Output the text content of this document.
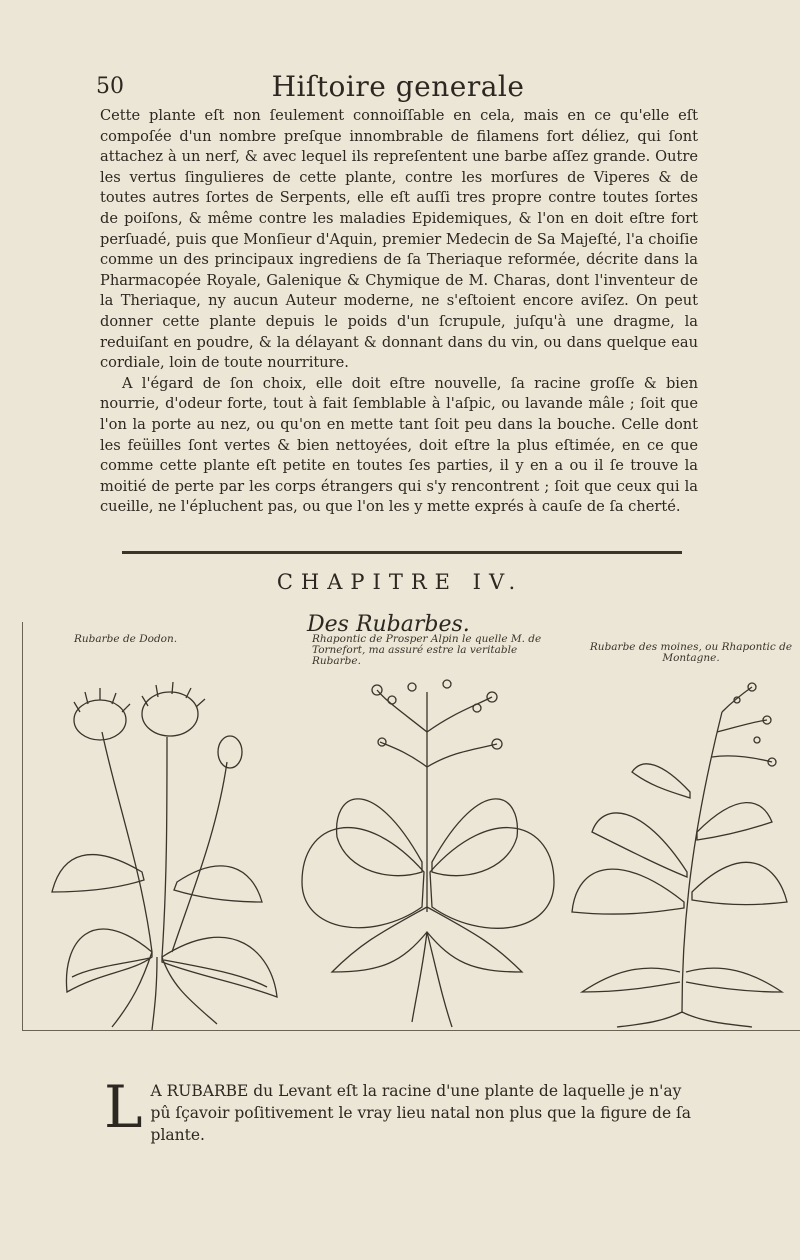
50	Hiſtoire generale

Cette plante eſt non ſeulement connoiſſable en cela, mais en ce qu'elle eſt compoſée d'un nombre preſque innombrable de filamens fort déliez, qui ſont attachez à un nerf, & avec lequel ils repreſentent une barbe aſſez grande. Outre les vertus ſingulieres de cette plante, contre les morſures de Viperes & de toutes autres ſortes de Serpents, elle eſt auſſi tres propre contre toutes ſortes de poiſons, & même contre les maladies Epidemiques, & l'on en doit eſtre fort perſuadé, puis que Monſieur d'Aquin, premier Medecin de Sa Majeſté, l'a choiſie comme un des principaux ingrediens de ſa Theriaque reformée, décrite dans la Pharmacopée Royale, Galenique & Chymique de M. Charas, dont l'inventeur de la Theriaque, ny aucun Auteur moderne, ne s'eſtoient encore aviſez. On peut donner cette plante depuis le poids d'un ſcrupule, juſqu'à une dragme, la reduiſant en poudre, & la délayant & donnant dans du vin, ou dans quelque eau cordiale, loin de toute nourriture.

A l'égard de ſon choix, elle doit eſtre nouvelle, ſa racine groſſe & bien nourrie, d'odeur forte, tout à fait ſemblable à l'aſpic, ou lavande mâle ; ſoit que l'on la porte au nez, ou qu'on en mette tant ſoit peu dans la bouche. Celle dont les feüilles ſont vertes & bien nettoyées, doit eſtre la plus eſtimée, en ce que comme cette plante eſt petite en toutes ſes parties, il y en a ou il ſe trouve la moitié de perte par les corps étrangers qui s'y rencontrent ; ſoit que ceux qui la cueille, ne l'épluchent pas, ou que l'on les y mette exprés à cauſe de ſa cherté.

CHAPITRE IV.
Des Rubarbes.
Rubarbe de Dodon.	Rhapontic de Prosper Alpin le quelle M. de Tornefort, ma assuré estre la veritable Rubarbe.
Rubarbe des moines, ou Rhapontic de Montagne.
L A RUBARBE du Levant eſt la racine d'une plante de laquelle je n'ay pû ſçavoir poſitivement le vray lieu natal non plus que la figure de ſa plante.
